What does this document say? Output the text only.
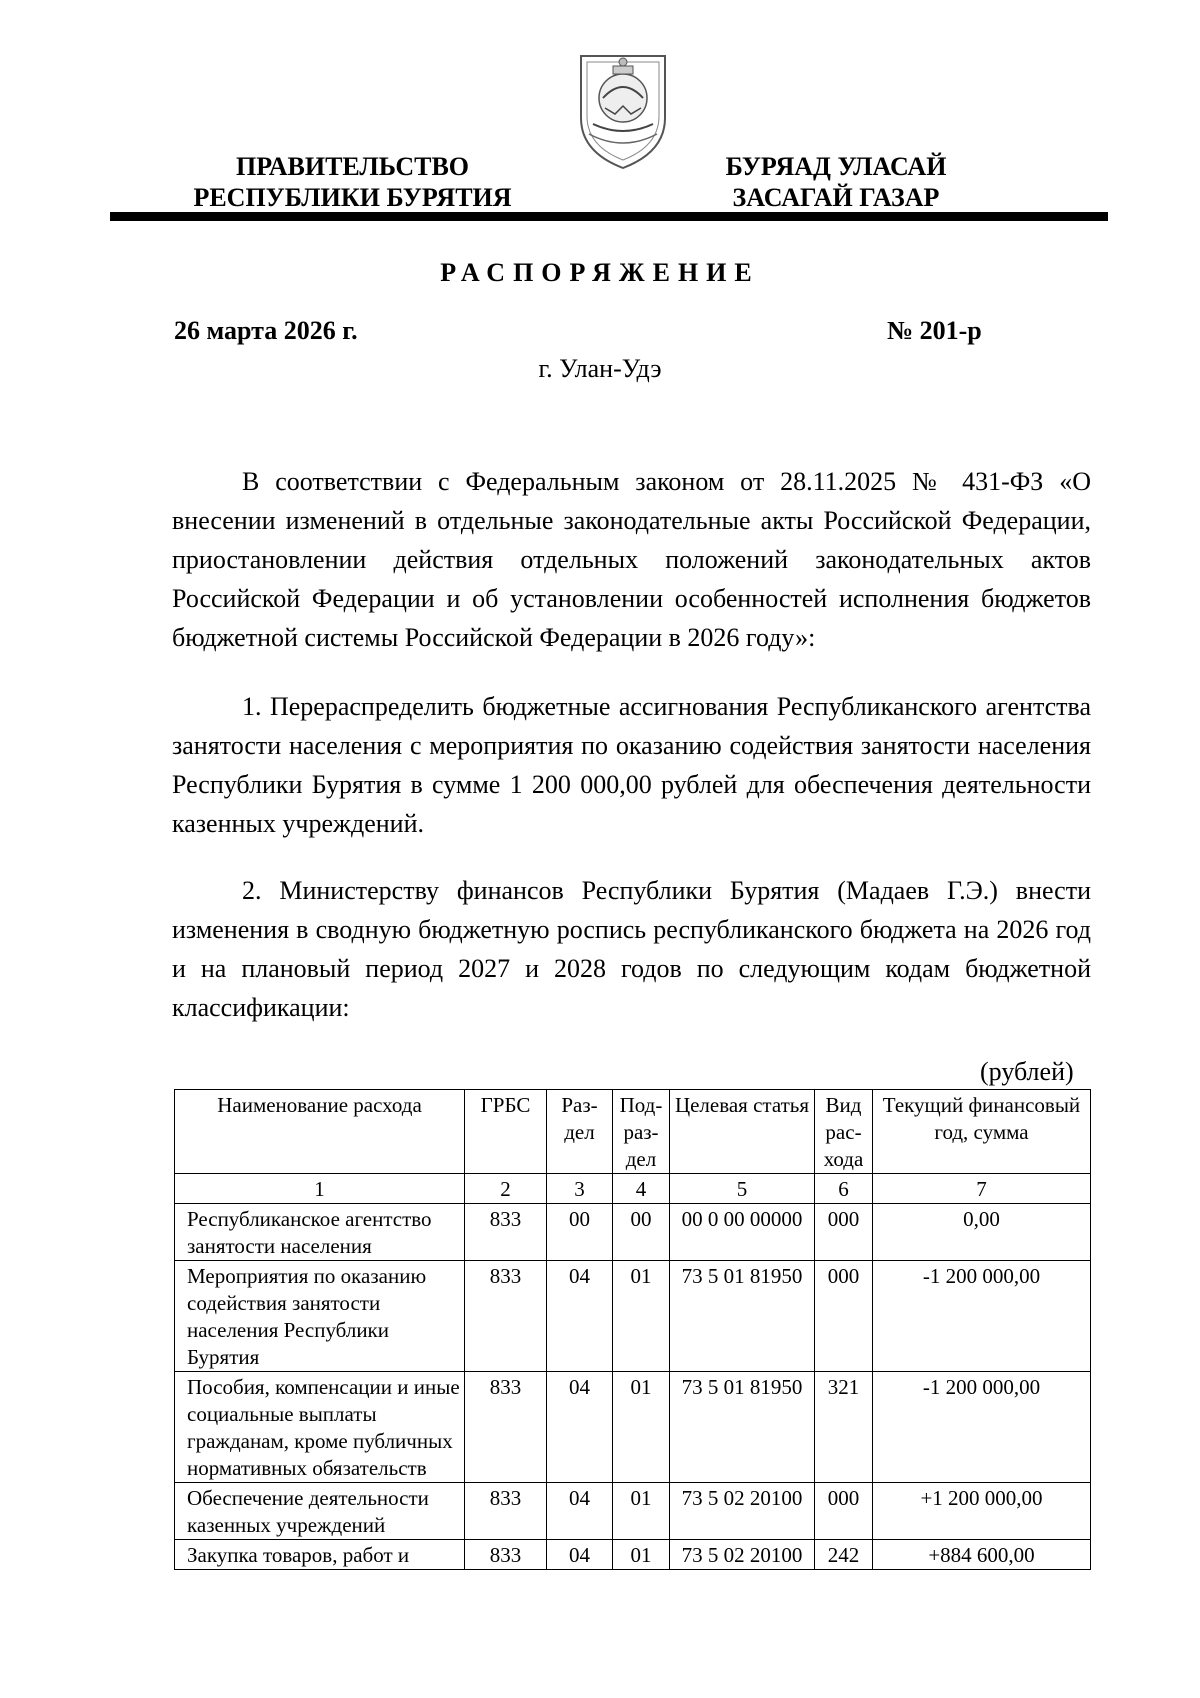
ПРАВИТЕЛЬСТВО
РЕСПУБЛИКИ БУРЯТИЯ
БУРЯАД УЛАСАЙ
ЗАСАГАЙ ГАЗАР
РАСПОРЯЖЕНИЕ
26 марта 2026 г.	№ 201-р
г. Улан-Удэ

В соответствии с Федеральным законом от 28.11.2025 № 431-ФЗ «О внесении изменений в отдельные законодательные акты Российской Федерации, приостановлении действия отдельных положений законодательных актов Российской Федерации и об установлении особенностей исполнения бюджетов бюджетной системы Российской Федерации в 2026 году»:

1. Перераспределить бюджетные ассигнования Республиканского агентства занятости населения с мероприятия по оказанию содействия занятости населения Республики Бурятия в сумме 1 200 000,00 рублей для обеспечения деятельности казенных учреждений.

2. Министерству финансов Республики Бурятия (Мадаев Г.Э.) внести изменения в сводную бюджетную роспись республиканского бюджета на 2026 год и на плановый период 2027 и 2028 годов по следующим кодам бюджетной классификации:

(рублей)
Наименование расхода	ГРБС	Раз-дел	Под-раз-дел	Целевая статья	Вид рас-хода	Текущий финансовый год, сумма
1	2	3	4	5	6	7
Республиканское агентство занятости населения	833	00	00	00 0 00 00000	000	0,00
Мероприятия по оказанию содействия занятости населения Республики Бурятия	833	04	01	73 5 01 81950	000	-1 200 000,00
Пособия, компенсации и иные социальные выплаты гражданам, кроме публичных нормативных обязательств	833	04	01	73 5 01 81950	321	-1 200 000,00
Обеспечение деятельности казенных учреждений	833	04	01	73 5 02 20100	000	+1 200 000,00
Закупка товаров, работ и	833	04	01	73 5 02 20100	242	+884 600,00
